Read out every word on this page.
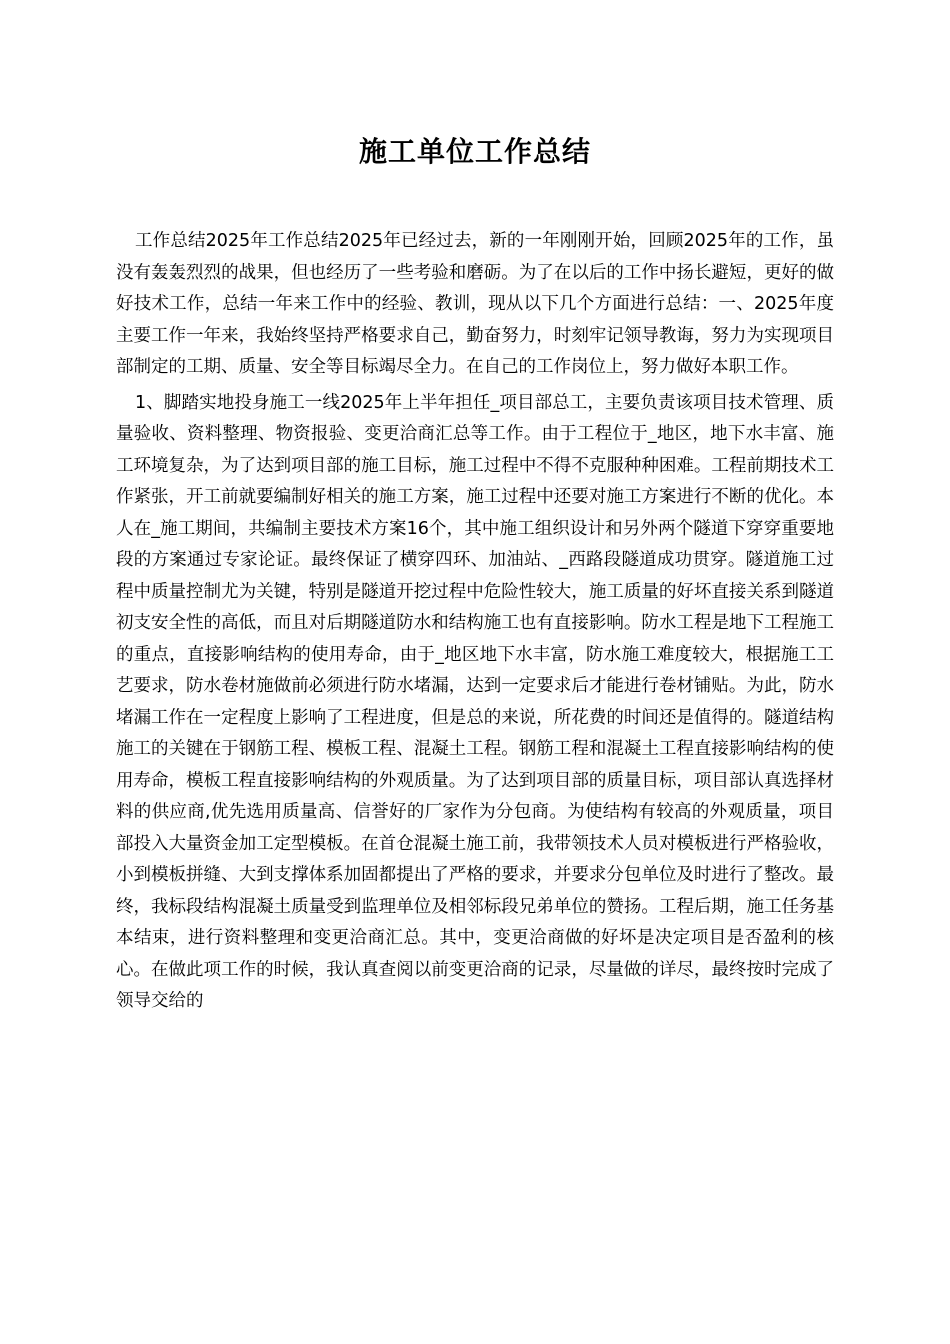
施工单位工作总结

工作总结2025年工作总结2025年已经过去，新的一年刚刚开始，回顾2025年的工作，虽没有轰轰烈烈的战果，但也经历了一些考验和磨砺。为了在以后的工作中扬长避短，更好的做好技术工作，总结一年来工作中的经验、教训，现从以下几个方面进行总结：一、2025年度主要工作一年来，我始终坚持严格要求自己，勤奋努力，时刻牢记领导教诲，努力为实现项目部制定的工期、质量、安全等目标竭尽全力。在自己的工作岗位上，努力做好本职工作。

1、脚踏实地投身施工一线2025年上半年担任_项目部总工，主要负责该项目技术管理、质量验收、资料整理、物资报验、变更洽商汇总等工作。由于工程位于_地区，地下水丰富、施工环境复杂，为了达到项目部的施工目标，施工过程中不得不克服种种困难。工程前期技术工作紧张，开工前就要编制好相关的施工方案，施工过程中还要对施工方案进行不断的优化。本人在_施工期间，共编制主要技术方案16个，其中施工组织设计和另外两个隧道下穿穿重要地段的方案通过专家论证。最终保证了横穿四环、加油站、_西路段隧道成功贯穿。隧道施工过程中质量控制尤为关键，特别是隧道开挖过程中危险性较大，施工质量的好坏直接关系到隧道初支安全性的高低，而且对后期隧道防水和结构施工也有直接影响。防水工程是地下工程施工的重点，直接影响结构的使用寿命，由于_地区地下水丰富，防水施工难度较大，根据施工工艺要求，防水卷材施做前必须进行防水堵漏，达到一定要求后才能进行卷材铺贴。为此，防水堵漏工作在一定程度上影响了工程进度，但是总的来说，所花费的时间还是值得的。隧道结构施工的关键在于钢筋工程、模板工程、混凝土工程。钢筋工程和混凝土工程直接影响结构的使用寿命，模板工程直接影响结构的外观质量。为了达到项目部的质量目标，项目部认真选择材料的供应商,优先选用质量高、信誉好的厂家作为分包商。为使结构有较高的外观质量，项目部投入大量资金加工定型模板。在首仓混凝土施工前，我带领技术人员对模板进行严格验收，小到模板拼缝、大到支撑体系加固都提出了严格的要求，并要求分包单位及时进行了整改。最终，我标段结构混凝土质量受到监理单位及相邻标段兄弟单位的赞扬。工程后期，施工任务基本结束，进行资料整理和变更洽商汇总。其中，变更洽商做的好坏是决定项目是否盈利的核心。在做此项工作的时候，我认真查阅以前变更洽商的记录，尽量做的详尽，最终按时完成了领导交给的
